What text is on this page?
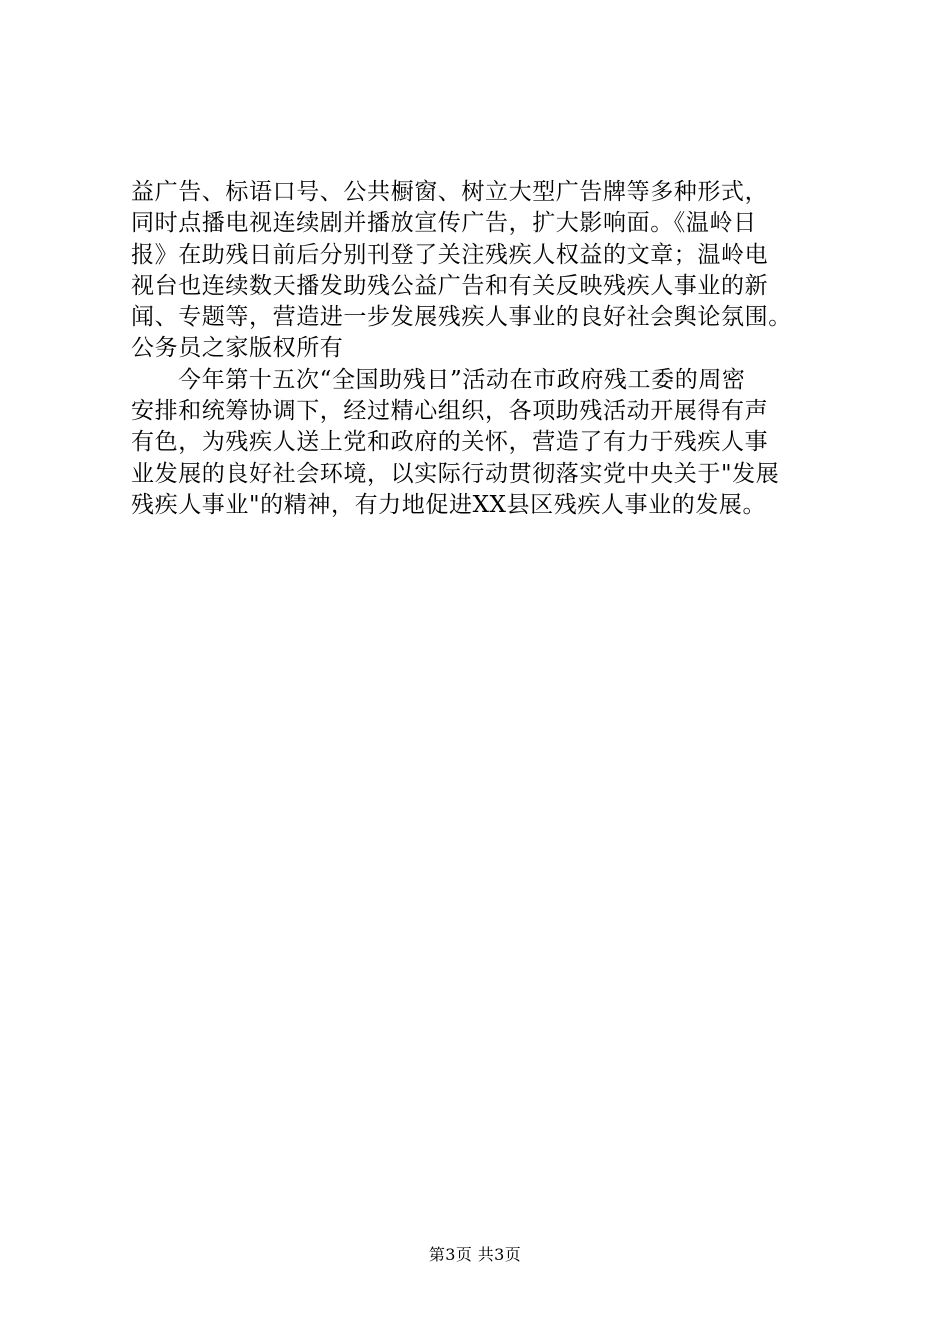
益广告、标语口号、公共橱窗、树立大型广告牌等多种形式，
同时点播电视连续剧并播放宣传广告，扩大影响面。《温岭日
报》在助残日前后分别刊登了关注残疾人权益的文章；温岭电
视台也连续数天播发助残公益广告和有关反映残疾人事业的新
闻、专题等，营造进一步发展残疾人事业的良好社会舆论氛围。
公务员之家版权所有

今年第十五次“全国助残日”活动在市政府残工委的周密
安排和统筹协调下，经过精心组织，各项助残活动开展得有声
有色，为残疾人送上党和政府的关怀，营造了有力于残疾人事
业发展的良好社会环境，以实际行动贯彻落实党中央关于"发展
残疾人事业"的精神，有力地促进XX县区残疾人事业的发展。

第3页 共3页
